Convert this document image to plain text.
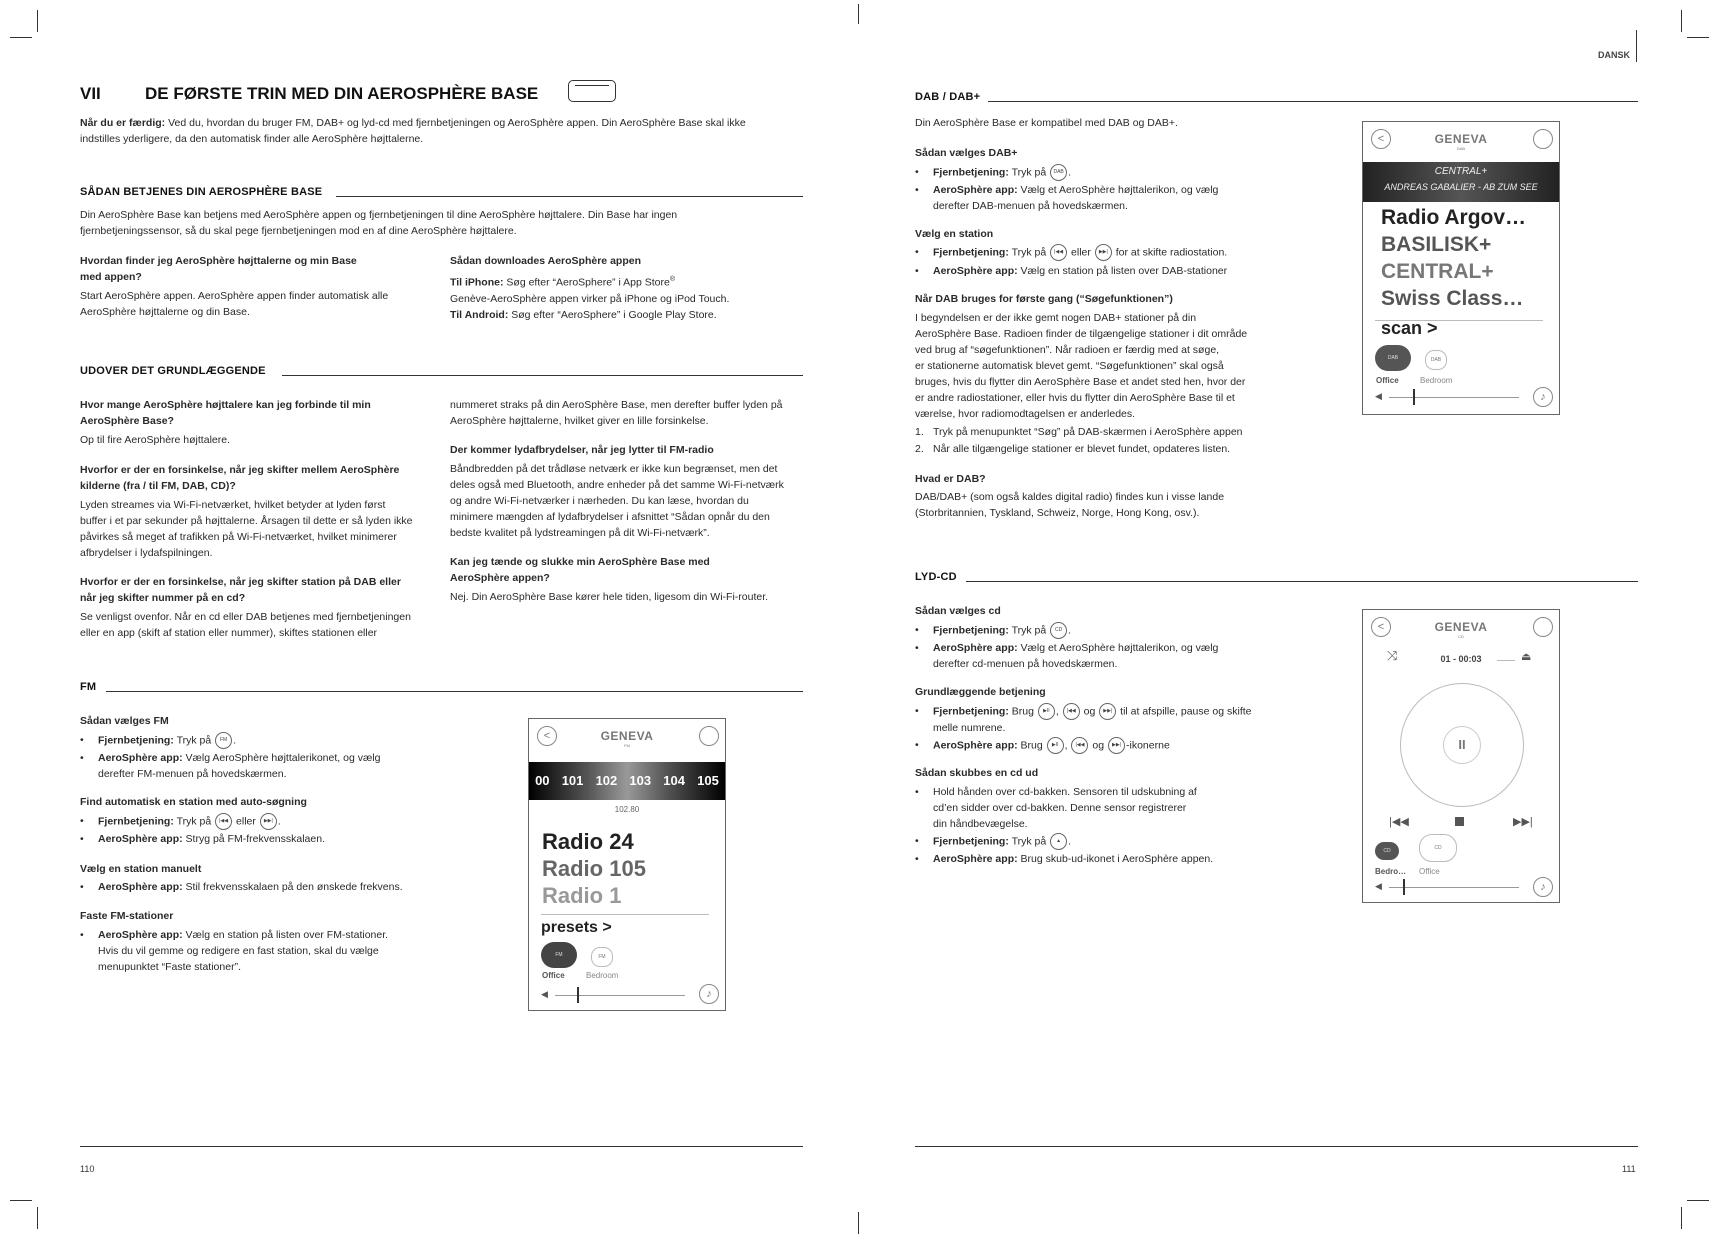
DANSK
VII	DE FØRSTE TRIN MED DIN AEROSPHÈRE BASE
Når du er færdig: Ved du, hvordan du bruger FM, DAB+ og lyd-cd med fjernbetjeningen og AeroSphère appen. Din AeroSphère Base skal ikke
indstilles yderligere, da den automatisk finder alle AeroSphère højttalerne.
SÅDAN BETJENES DIN AEROSPHÈRE BASE
Din AeroSphère Base kan betjens med AeroSphère appen og fjernbetjeningen til dine AeroSphère højttalere. Din Base har ingen
fjernbetjeningssensor, så du skal pege fjernbetjeningen mod en af dine AeroSphère højttalere.
Hvordan finder jeg AeroSphère højttalerne og min Base
med appen?
Start AeroSphère appen. AeroSphère appen finder automatisk alle
AeroSphère højttalerne og din Base.
Sådan downloades AeroSphère appen
Til iPhone: Søg efter “AeroSphere” i App Store®
Genève-AeroSphère appen virker på iPhone og iPod Touch.
Til Android: Søg efter “AeroSphere” i Google Play Store.
UDOVER DET GRUNDLÆGGENDE
Hvor mange AeroSphère højttalere kan jeg forbinde til min
AeroSphère Base?
Op til fire AeroSphère højttalere.
Hvorfor er der en forsinkelse, når jeg skifter mellem AeroSphère
kilderne (fra / til FM, DAB, CD)?
Lyden streames via Wi-Fi-netværket, hvilket betyder at lyden først
buffer i et par sekunder på højttalerne. Årsagen til dette er så lyden ikke
påvirkes så meget af trafikken på Wi-Fi-netværket, hvilket minimerer
afbrydelser i lydafspilningen.
Hvorfor er der en forsinkelse, når jeg skifter station på DAB eller
når jeg skifter nummer på en cd?
Se venligst ovenfor. Når en cd eller DAB betjenes med fjernbetjeningen
eller en app (skift af station eller nummer), skiftes stationen eller
nummeret straks på din AeroSphère Base, men derefter buffer lyden på
AeroSphère højttalerne, hvilket giver en lille forsinkelse.
Der kommer lydafbrydelser, når jeg lytter til FM-radio
Båndbredden på det trådløse netværk er ikke kun begrænset, men det
deles også med Bluetooth, andre enheder på det samme Wi-Fi-netværk
og andre Wi-Fi-netværker i nærheden. Du kan læse, hvordan du
minimere mængden af lydafbrydelser i afsnittet “Sådan opnår du den
bedste kvalitet på lydstreamingen på dit Wi-Fi-netværk”.
Kan jeg tænde og slukke min AeroSphère Base med
AeroSphère appen?
Nej. Din AeroSphère Base kører hele tiden, ligesom din Wi-Fi-router.
FM
Sådan vælges FM
• Fjernbetjening: Tryk på FM .
• AeroSphère app: Vælg AeroSphère højttalerikonet, og vælg
derefter FM-menuen på hovedskærmen.
Find automatisk en station med auto-søgning
• Fjernbetjening: Tryk på |◀◀ eller ▶▶| .
• AeroSphère app: Stryg på FM-frekvensskalaen.
Vælg en station manuelt
• AeroSphère app: Stil frekvensskalaen på den ønskede frekvens.
Faste FM-stationer
• AeroSphère app: Vælg en station på listen over FM-stationer.
Hvis du vil gemme og redigere en fast station, skal du vælge
menupunktet “Faste stationer”.
<	GENEVA
FM
00 101 102 103 104 105
102.80
Radio 24
Radio 105
Radio 1
presets >
FM	FM
Office	Bedroom
◀	♪
110
DAB / DAB+
Din AeroSphère Base er kompatibel med DAB og DAB+.
Sådan vælges DAB+
• Fjernbetjening: Tryk på DAB .
• AeroSphère app: Vælg et AeroSphère højttalerikon, og vælg
derefter DAB-menuen på hovedskærmen.
Vælg en station
• Fjernbetjening: Tryk på |◀◀ eller ▶▶| for at skifte radiostation.
• AeroSphère app: Vælg en station på listen over DAB-stationer
Når DAB bruges for første gang (“Søgefunktionen”)
I begyndelsen er der ikke gemt nogen DAB+ stationer på din
AeroSphère Base. Radioen finder de tilgængelige stationer i dit område
ved brug af “søgefunktionen”. Når radioen er færdig med at søge,
er stationerne automatisk blevet gemt. “Søgefunktionen” skal også
bruges, hvis du flytter din AeroSphère Base et andet sted hen, hvor der
er andre radiostationer, eller hvis du flytter din AeroSphère Base til et
værelse, hvor radiomodtagelsen er anderledes.
1. Tryk på menupunktet “Søg” på DAB-skærmen i AeroSphère appen
2. Når alle tilgængelige stationer er blevet fundet, opdateres listen.
Hvad er DAB?
DAB/DAB+ (som også kaldes digital radio) findes kun i visse lande
(Storbritannien, Tyskland, Schweiz, Norge, Hong Kong, osv.).
<	GENEVA
DAB
CENTRAL+
ANDREAS GABALIER - AB ZUM SEE
Radio Argov…
BASILISK+
CENTRAL+
Swiss Class…
scan >
DAB	DAB
Office	Bedroom
◀	♪
LYD-CD
Sådan vælges cd
• Fjernbetjening: Tryk på CD .
• AeroSphère app: Vælg et AeroSphère højttalerikon, og vælg
derefter cd-menuen på hovedskærmen.
Grundlæggende betjening
• Fjernbetjening: Brug ▶II , |◀◀ og ▶▶| til at afspille, pause og skifte
melle numrene.
• AeroSphère app: Brug ▶II , |◀◀ og ▶▶| -ikonerne
Sådan skubbes en cd ud
• Hold hånden over cd-bakken. Sensoren til udskubning af
cd’en sidder over cd-bakken. Denne sensor registrerer
din håndbevægelse.
• Fjernbetjening: Tryk på ▲ .
• AeroSphère app: Brug skub-ud-ikonet i AeroSphère appen.
<	GENEVA
CD
⤨	01 - 00:03	⏏
II
|◀◀	▶▶|
CD	CD
Bedro… Office
◀	♪
111
